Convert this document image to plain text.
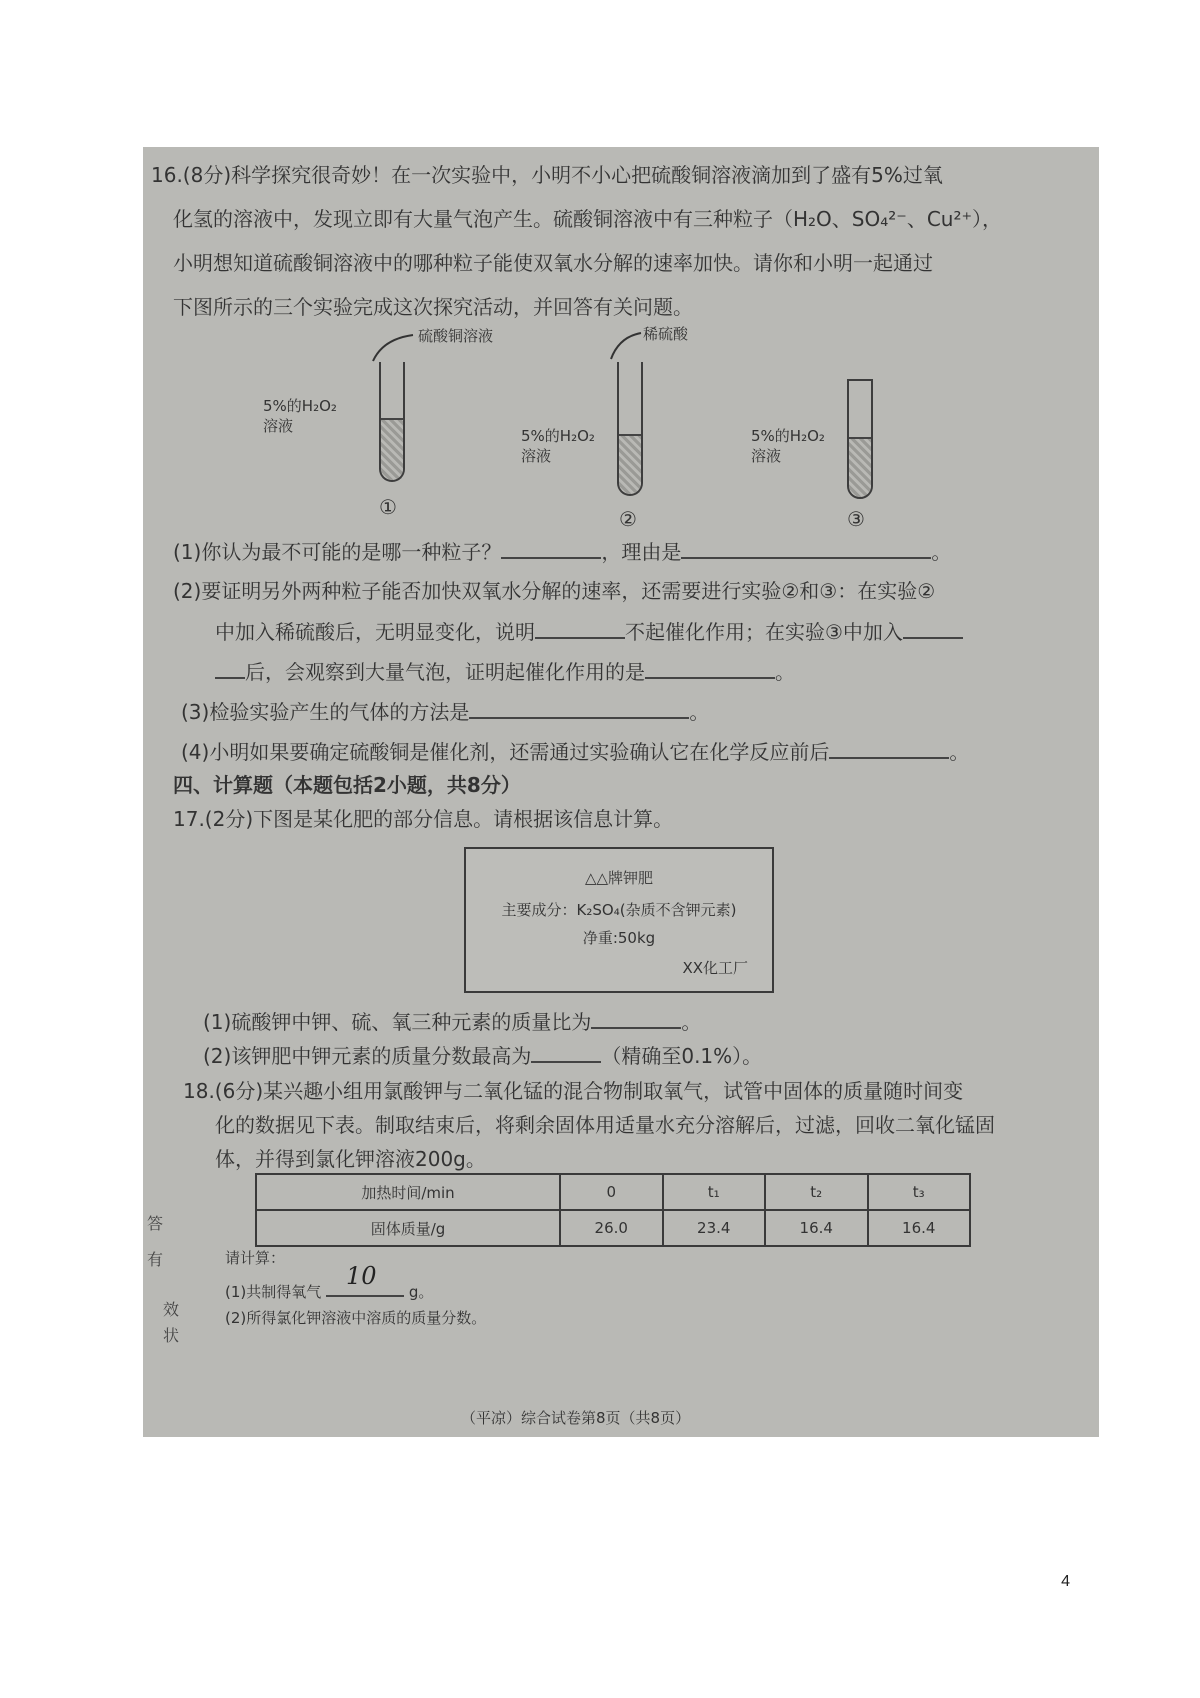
16.(8分)科学探究很奇妙！在一次实验中，小明不小心把硫酸铜溶液滴加到了盛有5%过氧
化氢的溶液中，发现立即有大量气泡产生。硫酸铜溶液中有三种粒子（H₂O、SO₄²⁻、Cu²⁺），
小明想知道硫酸铜溶液中的哪种粒子能使双氧水分解的速率加快。请你和小明一起通过
下图所示的三个实验完成这次探究活动，并回答有关问题。
硫酸铜溶液
5%的H₂O₂
溶液
①
稀硫酸
5%的H₂O₂
溶液
②
5%的H₂O₂
溶液
③
(1)你认为最不可能的是哪一种粒子？	，理由是	。
(2)要证明另外两种粒子能否加快双氧水分解的速率，还需要进行实验②和③：在实验②
中加入稀硫酸后，无明显变化，说明	不起催化作用；在实验③中加入
后，会观察到大量气泡，证明起催化作用的是	。
(3)检验实验产生的气体的方法是	。
(4)小明如果要确定硫酸铜是催化剂，还需通过实验确认它在化学反应前后	。
四、计算题（本题包括2小题，共8分）
17.(2分)下图是某化肥的部分信息。请根据该信息计算。
△△牌钾肥
主要成分：K₂SO₄(杂质不含钾元素)
净重:50kg
XX化工厂
(1)硫酸钾中钾、硫、氧三种元素的质量比为	。
(2)该钾肥中钾元素的质量分数最高为	（精确至0.1%）。
18.(6分)某兴趣小组用氯酸钾与二氧化锰的混合物制取氧气，试管中固体的质量随时间变
化的数据见下表。制取结束后，将剩余固体用适量水充分溶解后，过滤，回收二氧化锰固
体，并得到氯化钾溶液200g。
加热时间/min	0	t₁	t₂	t₃
固体质量/g	26.0	23.4	16.4	16.4
请计算：
(1)共制得氧气
10
g。
(2)所得氯化钾溶液中溶质的质量分数。
答
有
效
状
（平凉）综合试卷第8页（共8页）
4
